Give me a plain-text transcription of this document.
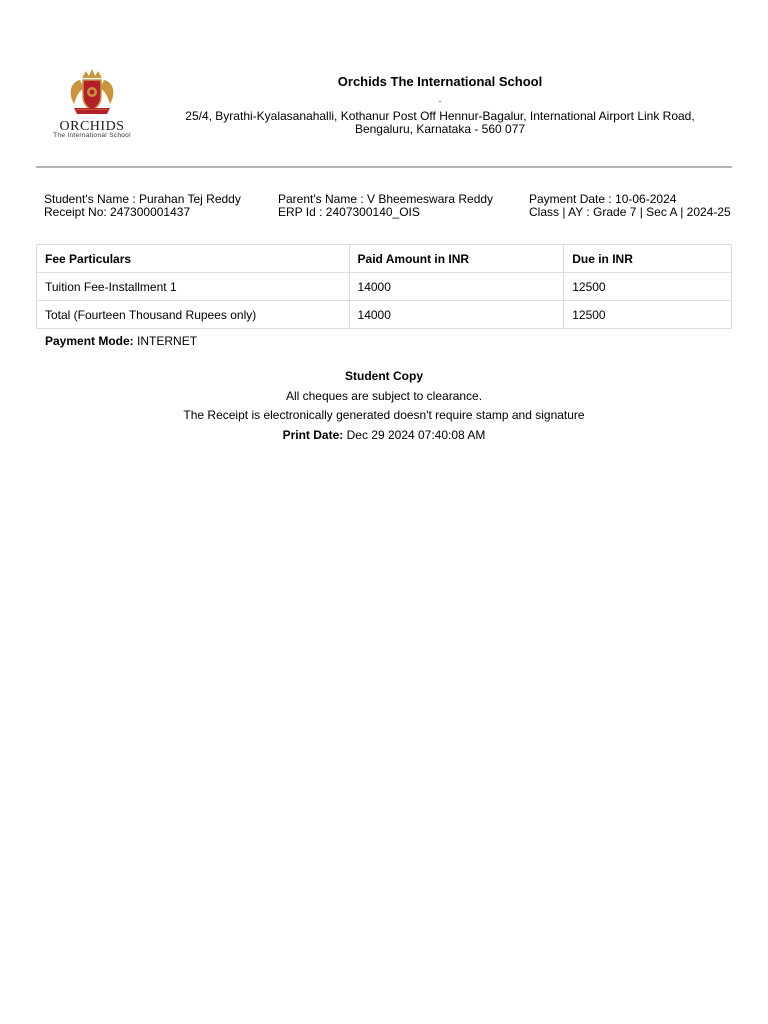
ORCHIDS
The International School
Orchids The International School
.
25/4, Byrathi-Kyalasanahalli, Kothanur Post Off Hennur-Bagalur, International Airport Link Road, Bengaluru, Karnataka - 560 077
Student's Name : Purahan Tej Reddy
Receipt No: 247300001437
Parent's Name : V Bheemeswara Reddy
ERP Id : 2407300140_OIS
Payment Date : 10-06-2024
Class | AY : Grade 7 | Sec A | 2024-25
Fee Particulars	Paid Amount in INR	Due in INR
Tuition Fee-Installment 1	14000	12500
Total (Fourteen Thousand Rupees only)	14000	12500
Payment Mode: INTERNET
Student Copy
All cheques are subject to clearance.
The Receipt is electronically generated doesn't require stamp and signature
Print Date: Dec 29 2024 07:40:08 AM
